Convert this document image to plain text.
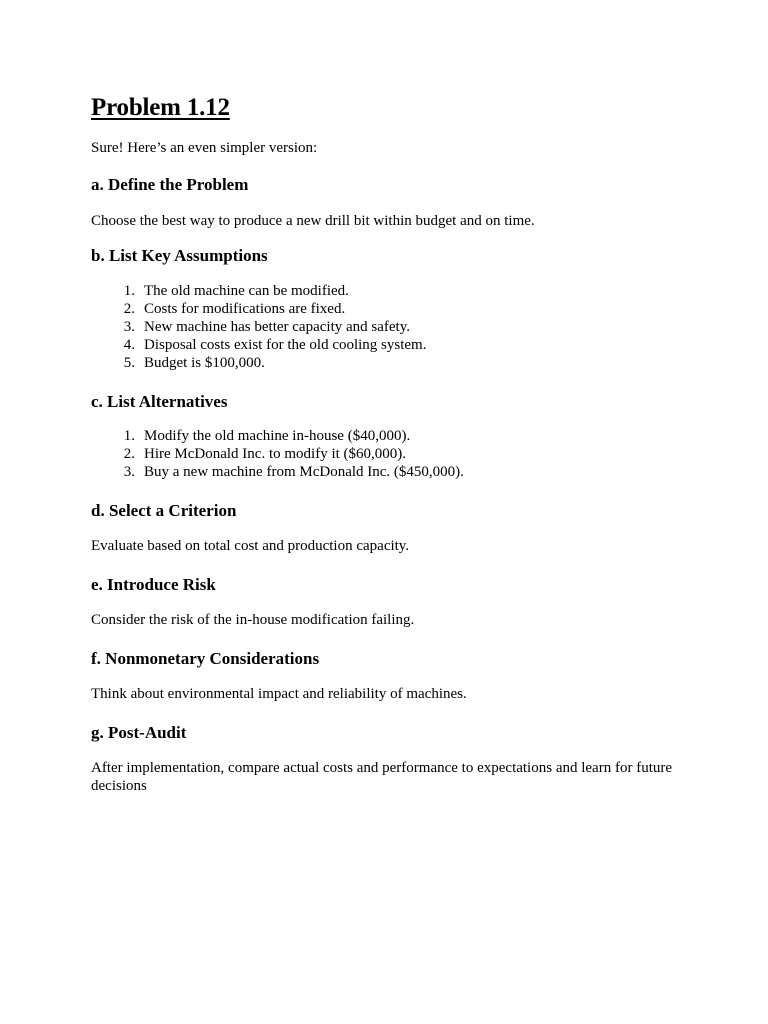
Problem 1.12

Sure! Here’s an even simpler version:

a. Define the Problem

Choose the best way to produce a new drill bit within budget and on time.

b. List Key Assumptions
1. The old machine can be modified.
2. Costs for modifications are fixed.
3. New machine has better capacity and safety.
4. Disposal costs exist for the old cooling system.
5. Budget is $100,000.
c. List Alternatives
1. Modify the old machine in-house ($40,000).
2. Hire McDonald Inc. to modify it ($60,000).
3. Buy a new machine from McDonald Inc. ($450,000).
d. Select a Criterion

Evaluate based on total cost and production capacity.

e. Introduce Risk

Consider the risk of the in-house modification failing.

f. Nonmonetary Considerations

Think about environmental impact and reliability of machines.

g. Post-Audit

After implementation, compare actual costs and performance to expectations and learn for future decisions
